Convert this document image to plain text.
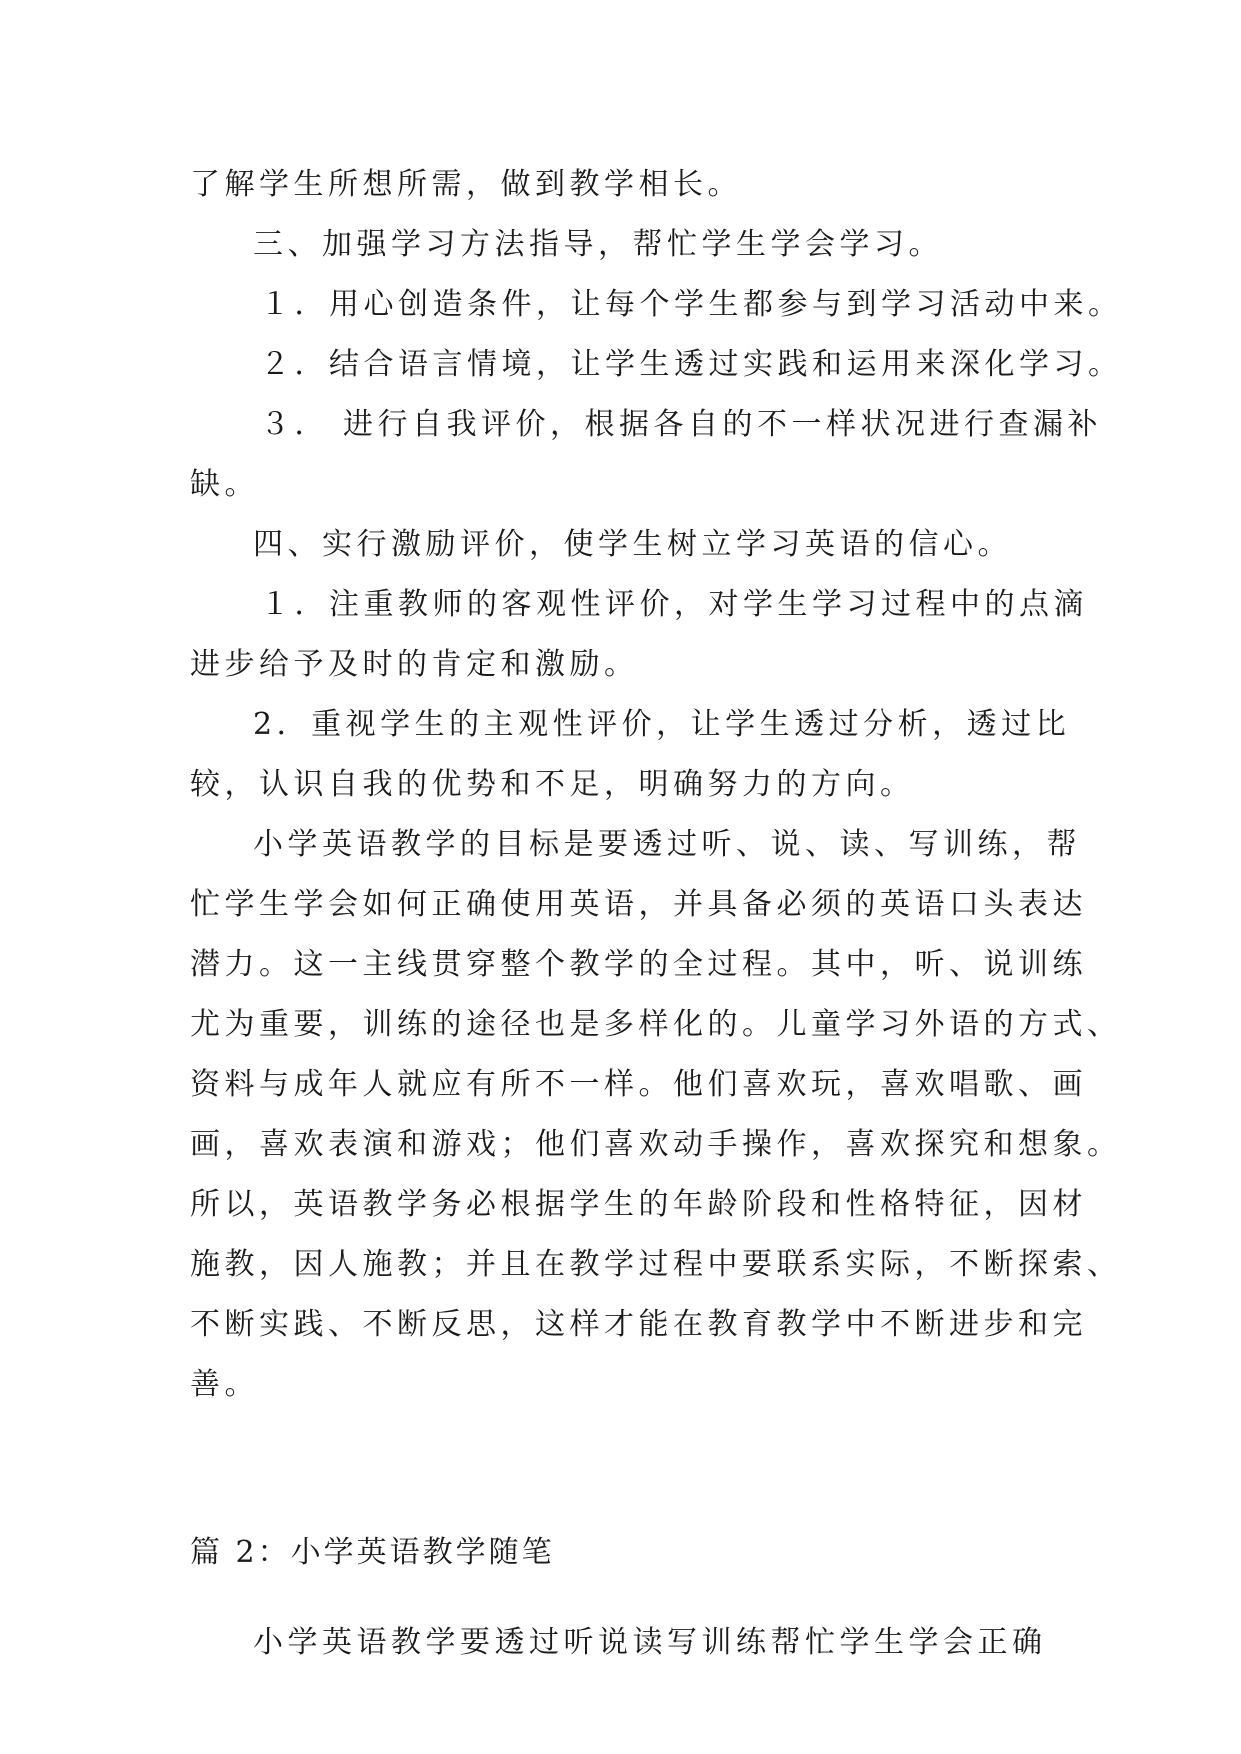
了解学生所想所需，做到教学相长。

三、加强学习方法指导，帮忙学生学会学习。

１．用心创造条件，让每个学生都参与到学习活动中来。

２．结合语言情境，让学生透过实践和运用来深化学习。

３． 进行自我评价，根据各自的不一样状况进行查漏补

缺。

四、实行激励评价，使学生树立学习英语的信心。

１．注重教师的客观性评价，对学生学习过程中的点滴

进步给予及时的肯定和激励。

2．重视学生的主观性评价，让学生透过分析，透过比

较，认识自我的优势和不足，明确努力的方向。

小学英语教学的目标是要透过听、说、读、写训练，帮

忙学生学会如何正确使用英语，并具备必须的英语口头表达

潜力。这一主线贯穿整个教学的全过程。其中，听、说训练

尤为重要，训练的途径也是多样化的。儿童学习外语的方式、

资料与成年人就应有所不一样。他们喜欢玩，喜欢唱歌、画

画，喜欢表演和游戏；他们喜欢动手操作，喜欢探究和想象。

所以，英语教学务必根据学生的年龄阶段和性格特征，因材

施教，因人施教；并且在教学过程中要联系实际，不断探索、

不断实践、不断反思，这样才能在教育教学中不断进步和完

善。

篇 2：小学英语教学随笔

小学英语教学要透过听说读写训练帮忙学生学会正确
